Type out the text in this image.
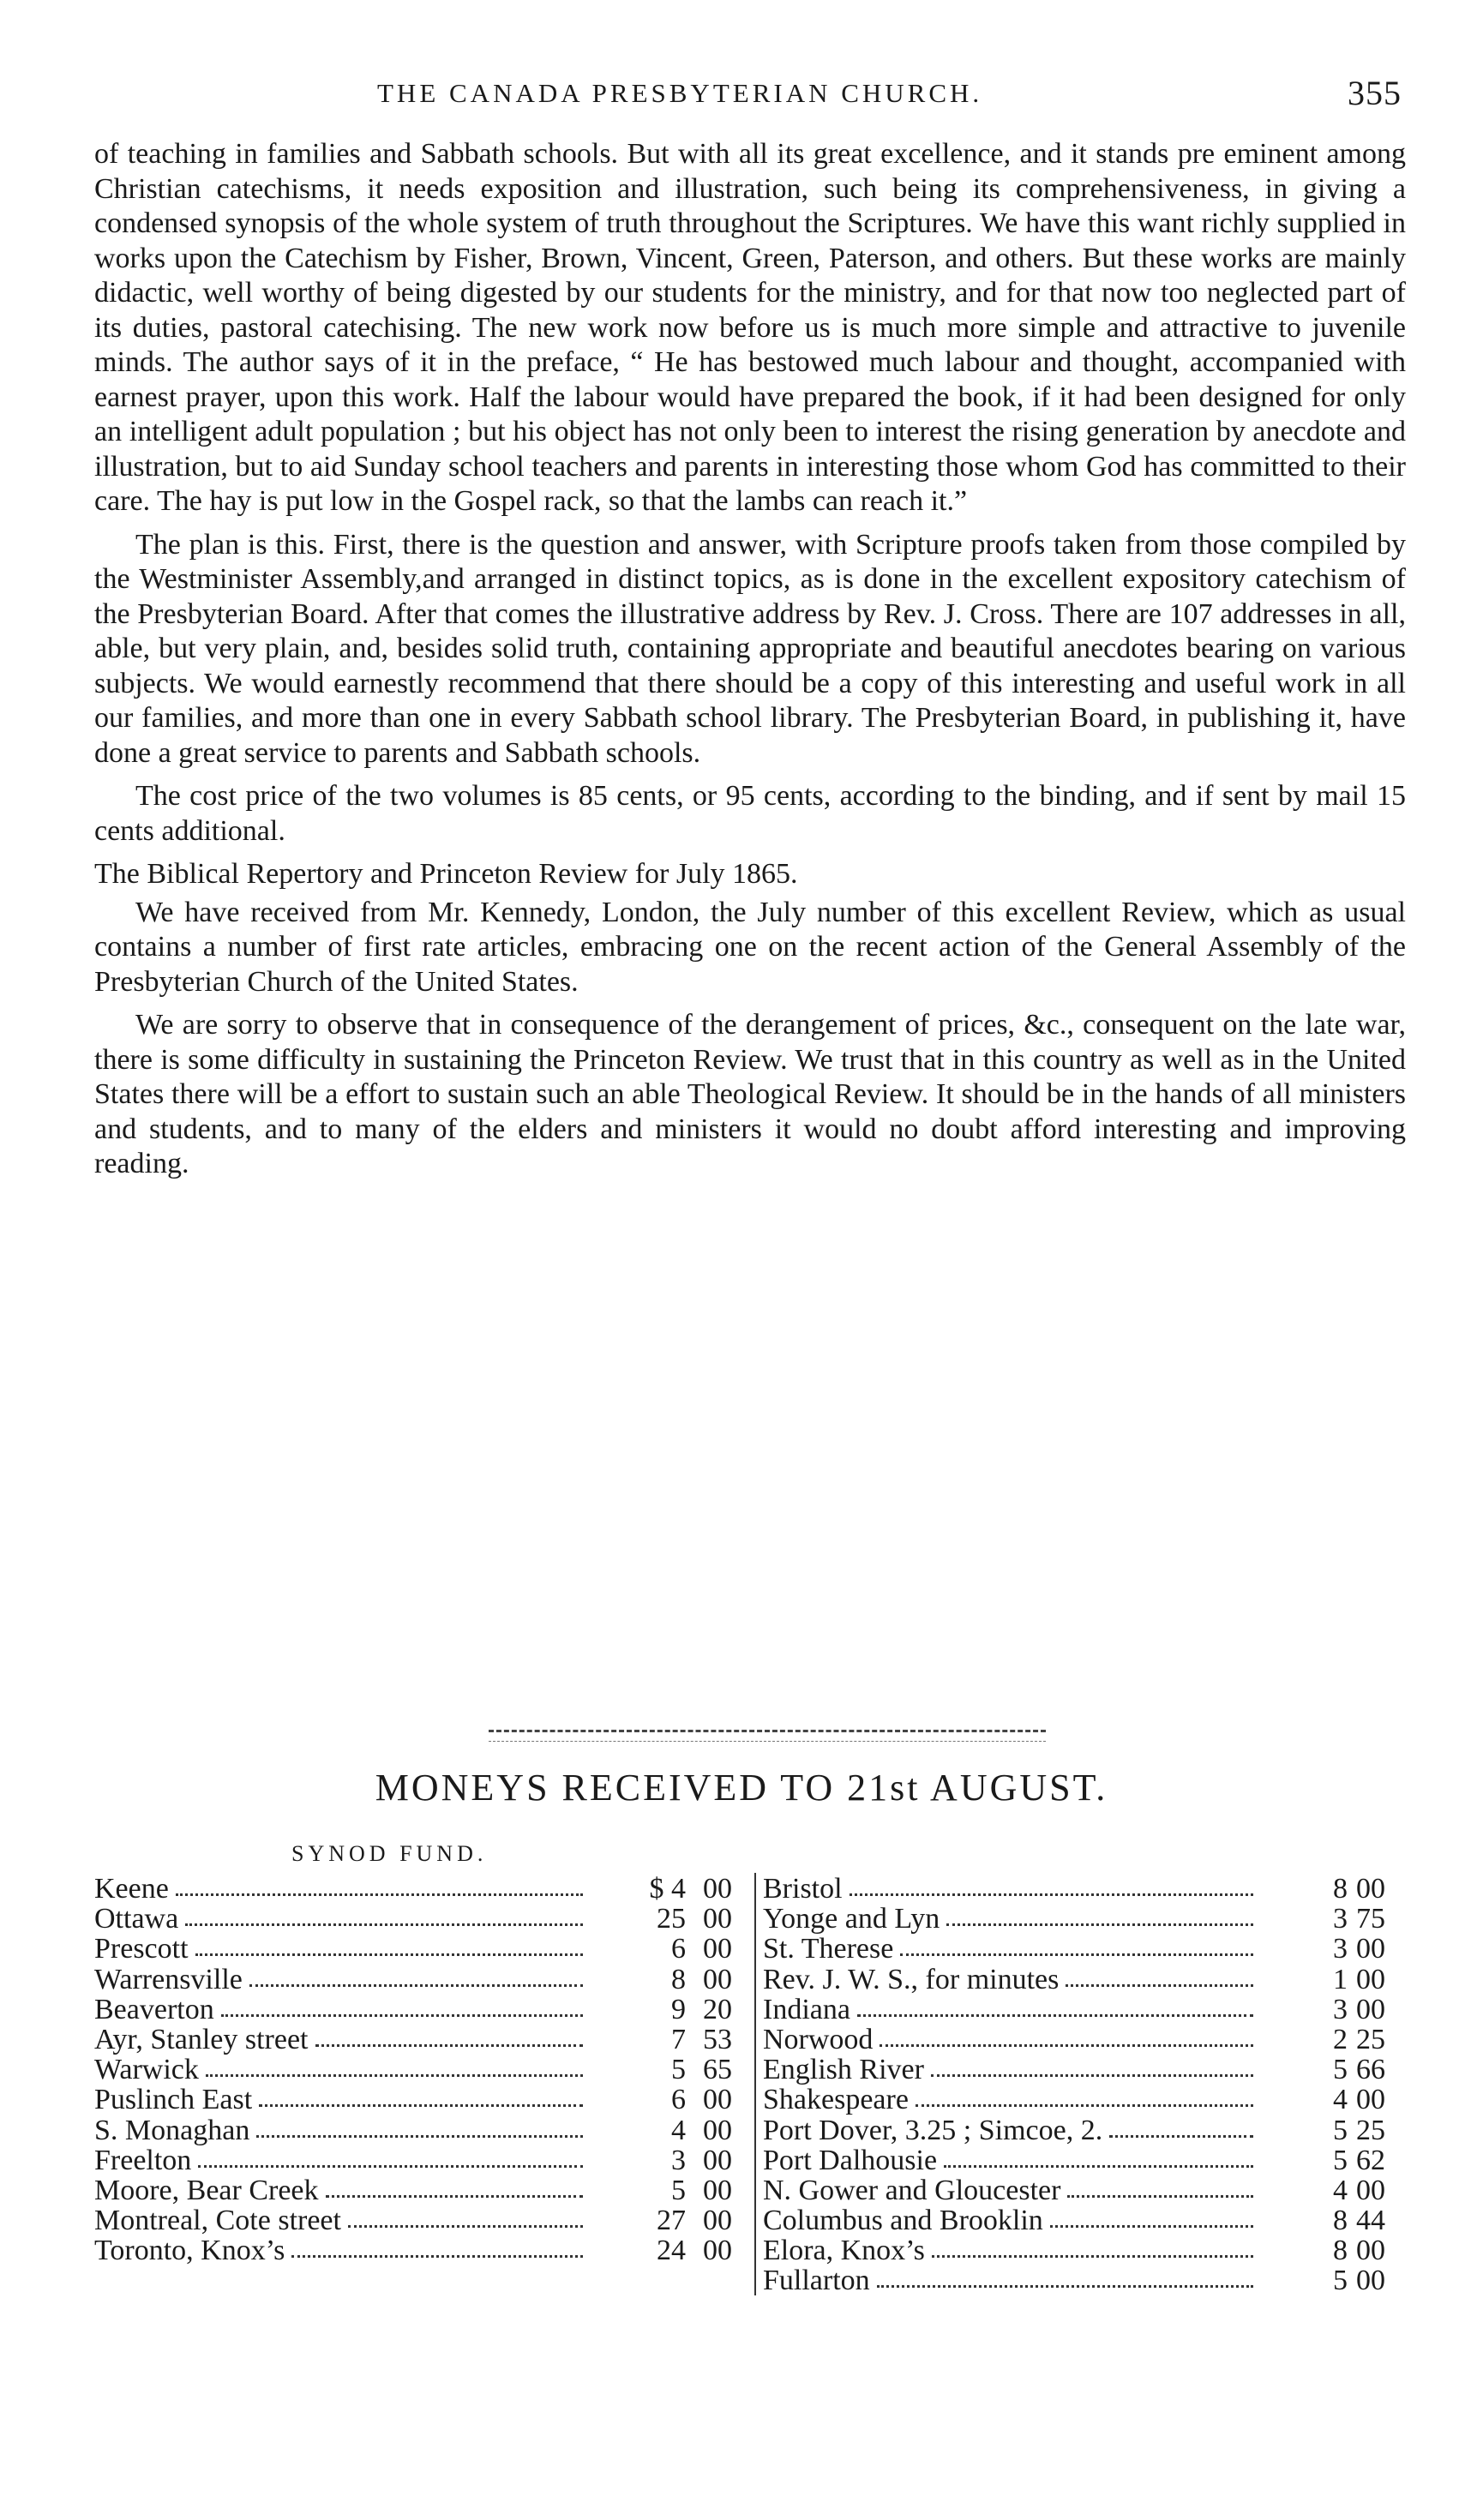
THE CANADA PRESBYTERIAN CHURCH.	355

of teaching in families and Sabbath schools. But with all its great excellence, and it stands pre eminent among Christian catechisms, it needs exposition and illustration, such being its comprehensiveness, in giving a condensed synopsis of the whole system of truth throughout the Scriptures. We have this want richly supplied in works upon the Catechism by Fisher, Brown, Vincent, Green, Paterson, and others. But these works are mainly didactic, well worthy of being digested by our students for the ministry, and for that now too neglected part of its duties, pastoral catechising. The new work now before us is much more simple and attractive to juvenile minds. The author says of it in the preface, “ He has bestowed much labour and thought, accompanied with earnest prayer, upon this work. Half the labour would have prepared the book, if it had been designed for only an intelligent adult population ; but his object has not only been to interest the rising generation by anecdote and illustration, but to aid Sunday school teachers and parents in interesting those whom God has committed to their care. The hay is put low in the Gospel rack, so that the lambs can reach it.”

The plan is this. First, there is the question and answer, with Scripture proofs taken from those compiled by the Westminister Assembly,and arranged in distinct topics, as is done in the excellent expository catechism of the Presbyterian Board. After that comes the illustrative address by Rev. J. Cross. There are 107 addresses in all, able, but very plain, and, besides solid truth, containing appropriate and beautiful anecdotes bearing on various subjects. We would earnestly recommend that there should be a copy of this interesting and useful work in all our families, and more than one in every Sabbath school library. The Presbyterian Board, in publishing it, have done a great service to parents and Sabbath schools.

The cost price of the two volumes is 85 cents, or 95 cents, according to the binding, and if sent by mail 15 cents additional.

The Biblical Repertory and Princeton Review for July 1865.

We have received from Mr. Kennedy, London, the July number of this excellent Review, which as usual contains a number of first rate articles, embracing one on the recent action of the General Assembly of the Presbyterian Church of the United States.

We are sorry to observe that in consequence of the derangement of prices, &c., consequent on the late war, there is some difficulty in sustaining the Princeton Review. We trust that in this country as well as in the United States there will be a effort to sustain such an able Theological Review. It should be in the hands of all ministers and students, and to many of the elders and ministers it would no doubt afford interesting and improving reading.

MONEYS RECEIVED TO 21st AUGUST.
SYNOD FUND.
Keene	$ 4 00
Ottawa	25 00
Prescott	6 00
Warrensville	8 00
Beaverton	9 20
Ayr, Stanley street	7 53
Warwick	5 65
Puslinch East	6 00
S. Monaghan	4 00
Freelton	3 00
Moore, Bear Creek	5 00
Montreal, Cote street	27 00
Toronto, Knox’s	24 00
Bristol	8 00
Yonge and Lyn	3 75
St. Therese	3 00
Rev. J. W. S., for minutes	1 00
Indiana	3 00
Norwood	2 25
English River	5 66
Shakespeare	4 00
Port Dover, 3.25 ; Simcoe, 2.	5 25
Port Dalhousie	5 62
N. Gower and Gloucester	4 00
Columbus and Brooklin	8 44
Elora, Knox’s	8 00
Fullarton	5 00
